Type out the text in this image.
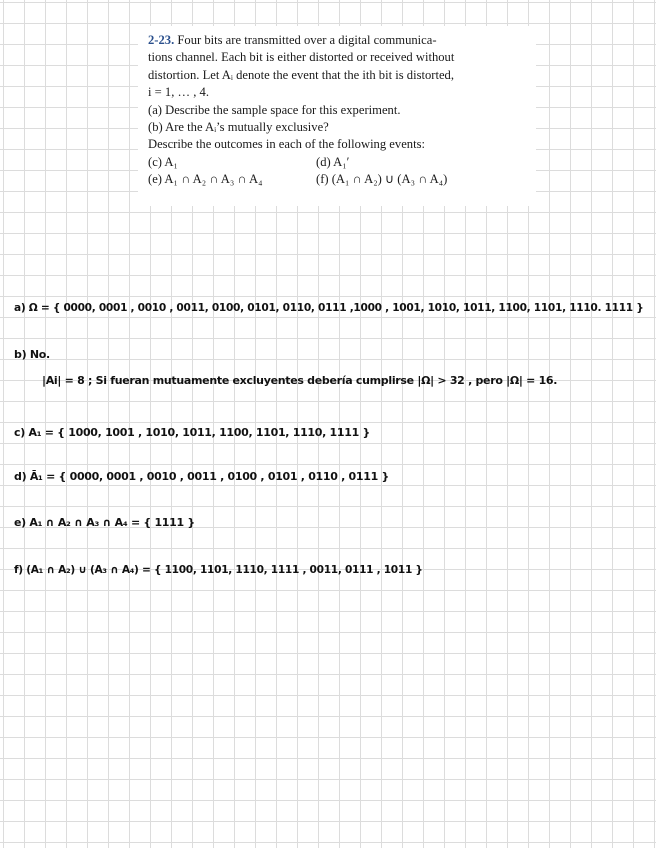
2-23. Four bits are transmitted over a digital communica-

tions channel. Each bit is either distorted or received without

distortion. Let Aᵢ denote the event that the ith bit is distorted,

i = 1, … , 4.

(a) Describe the sample space for this experiment.

(b) Are the Aᵢ’s mutually exclusive?

Describe the outcomes in each of the following events:

(c) A₁	(d) A₁′
(e) A₁ ∩ A₂ ∩ A₃ ∩ A₄	(f) (A₁ ∩ A₂) ∪ (A₃ ∩ A₄)
a) Ω = { 0000, 0001 , 0010 , 0011, 0100, 0101, 0110, 0111 ,1000 , 1001, 1010, 1011, 1100, 1101, 1110. 1111 }
b) No.
|Ai| = 8 ; Si fueran mutuamente excluyentes debería cumplirse |Ω| > 32 , pero |Ω| = 16.
c) A₁ = { 1000, 1001 , 1010, 1011, 1100, 1101, 1110, 1111 }
d) Ā₁ = { 0000, 0001 , 0010 , 0011 , 0100 , 0101 , 0110 , 0111 }
e) A₁ ∩ A₂ ∩ A₃ ∩ A₄ = { 1111 }
f) (A₁ ∩ A₂) ∪ (A₃ ∩ A₄) = { 1100, 1101, 1110, 1111 , 0011, 0111 , 1011 }
